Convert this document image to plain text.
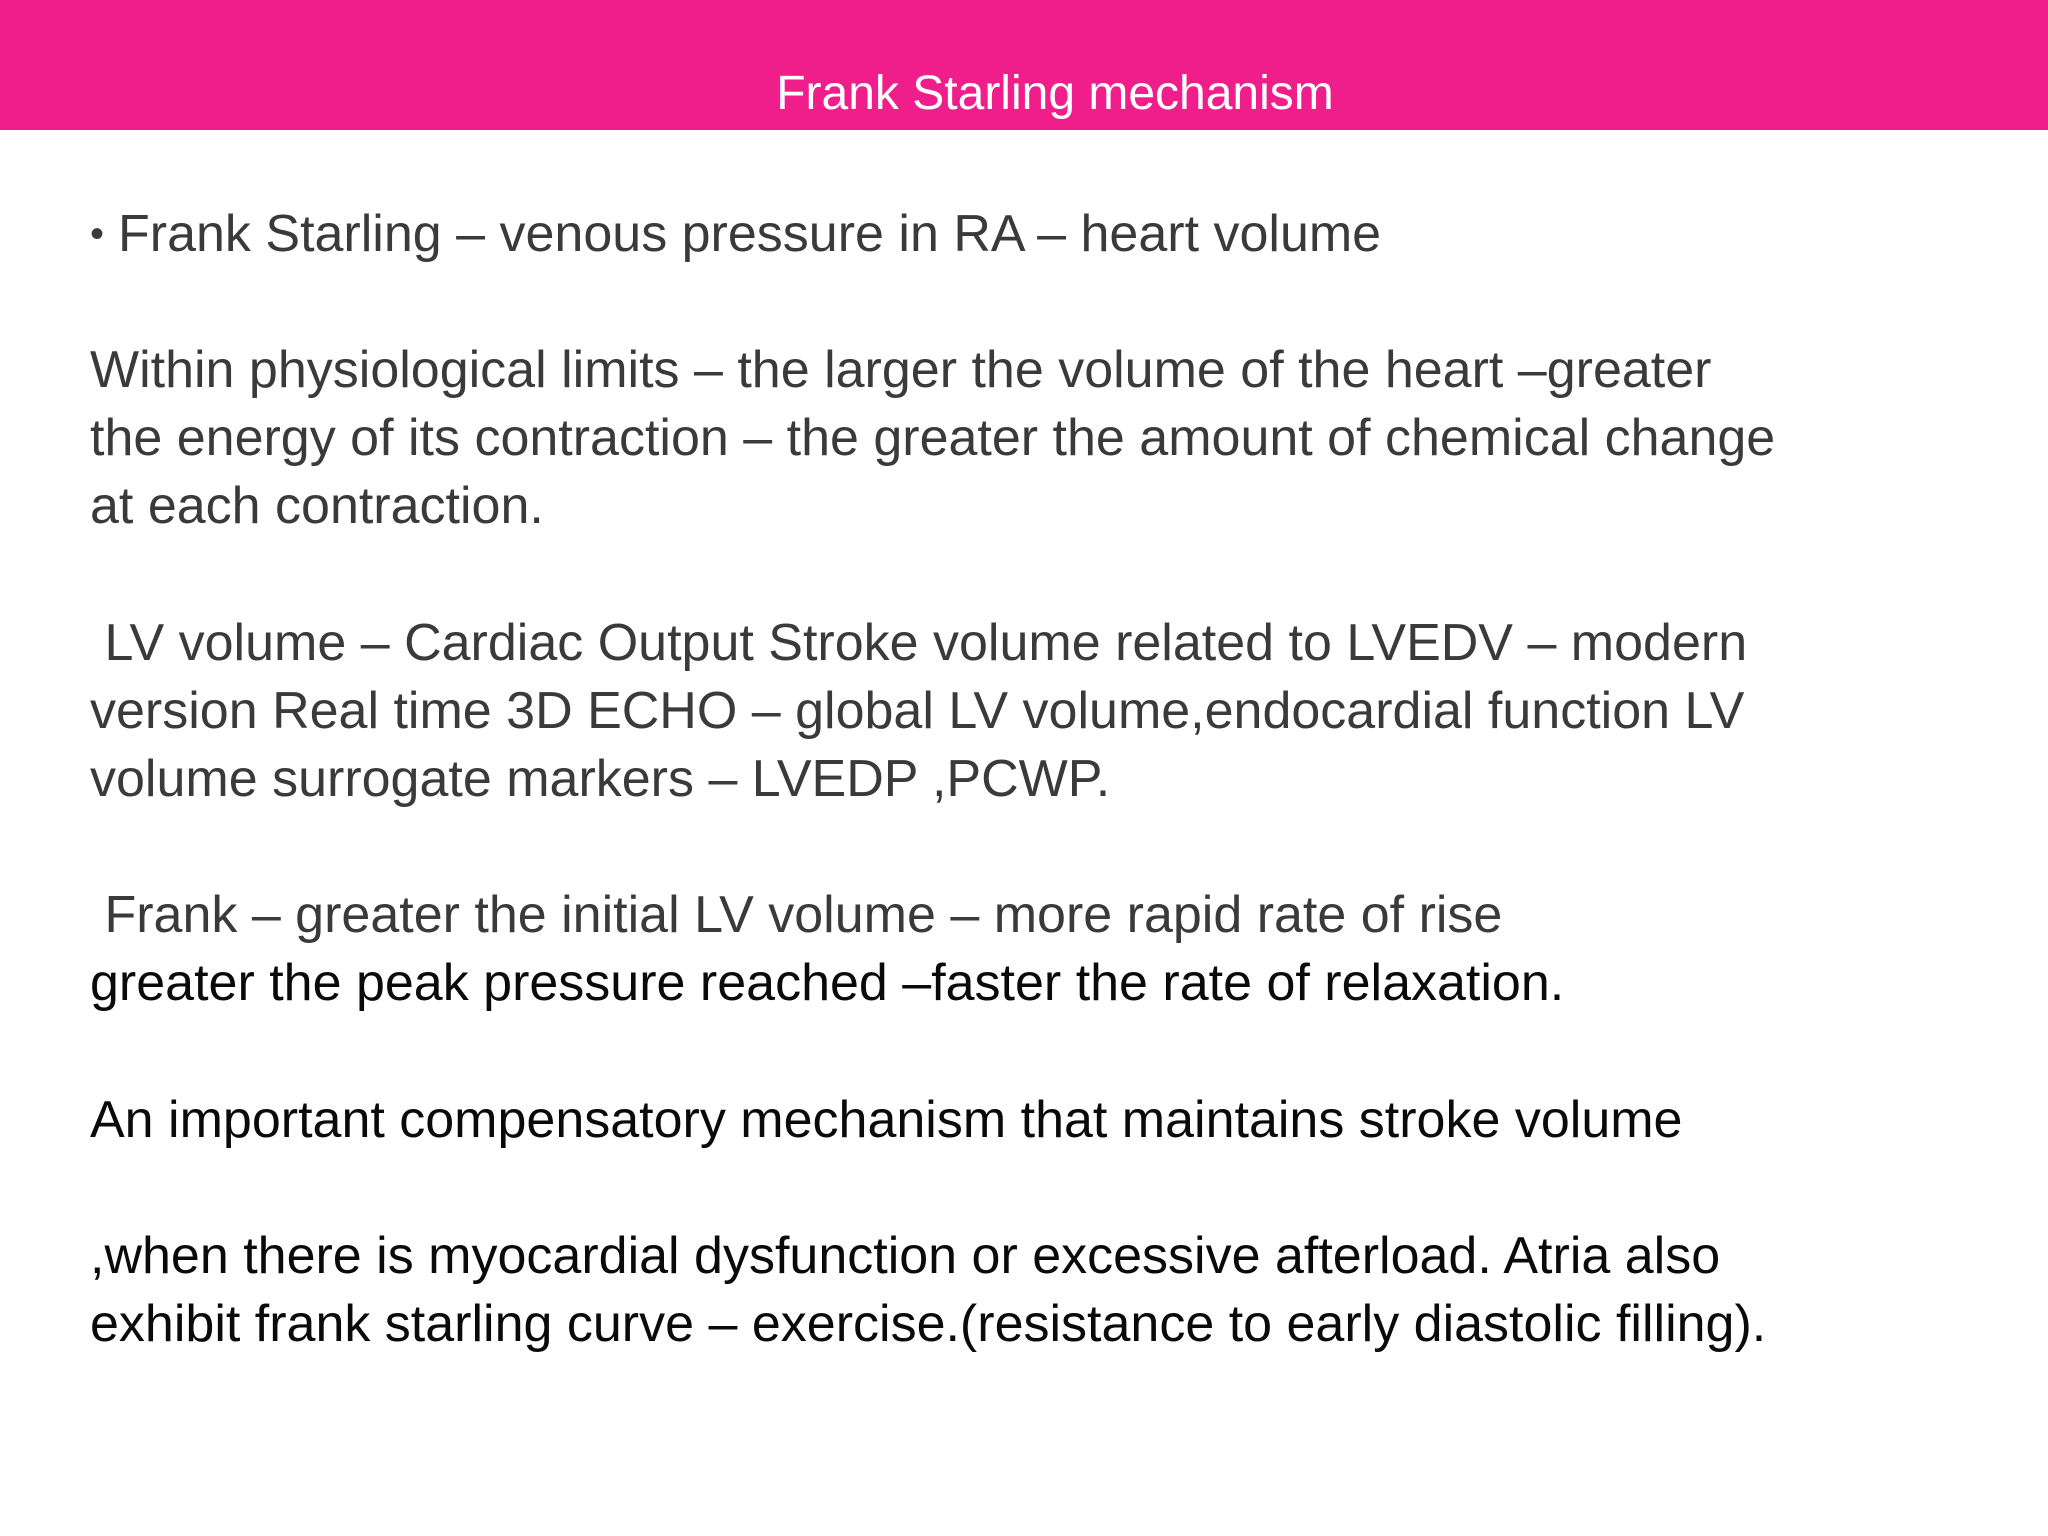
Frank Starling mechanism
• Frank Starling – venous pressure in RA – heart volume
Within physiological limits – the larger the volume of the heart –greater
the energy of its contraction – the greater the amount of chemical change
at each contraction.
LV volume – Cardiac Output Stroke volume related to LVEDV – modern
version Real time 3D ECHO – global LV volume,endocardial function LV
volume surrogate markers – LVEDP ,PCWP.
Frank – greater the initial LV volume – more rapid rate of rise
greater the peak pressure reached –faster the rate of relaxation.
An important compensatory mechanism that maintains stroke volume
,when there is myocardial dysfunction or excessive afterload. Atria also
exhibit frank starling curve – exercise.(resistance to early diastolic filling).
